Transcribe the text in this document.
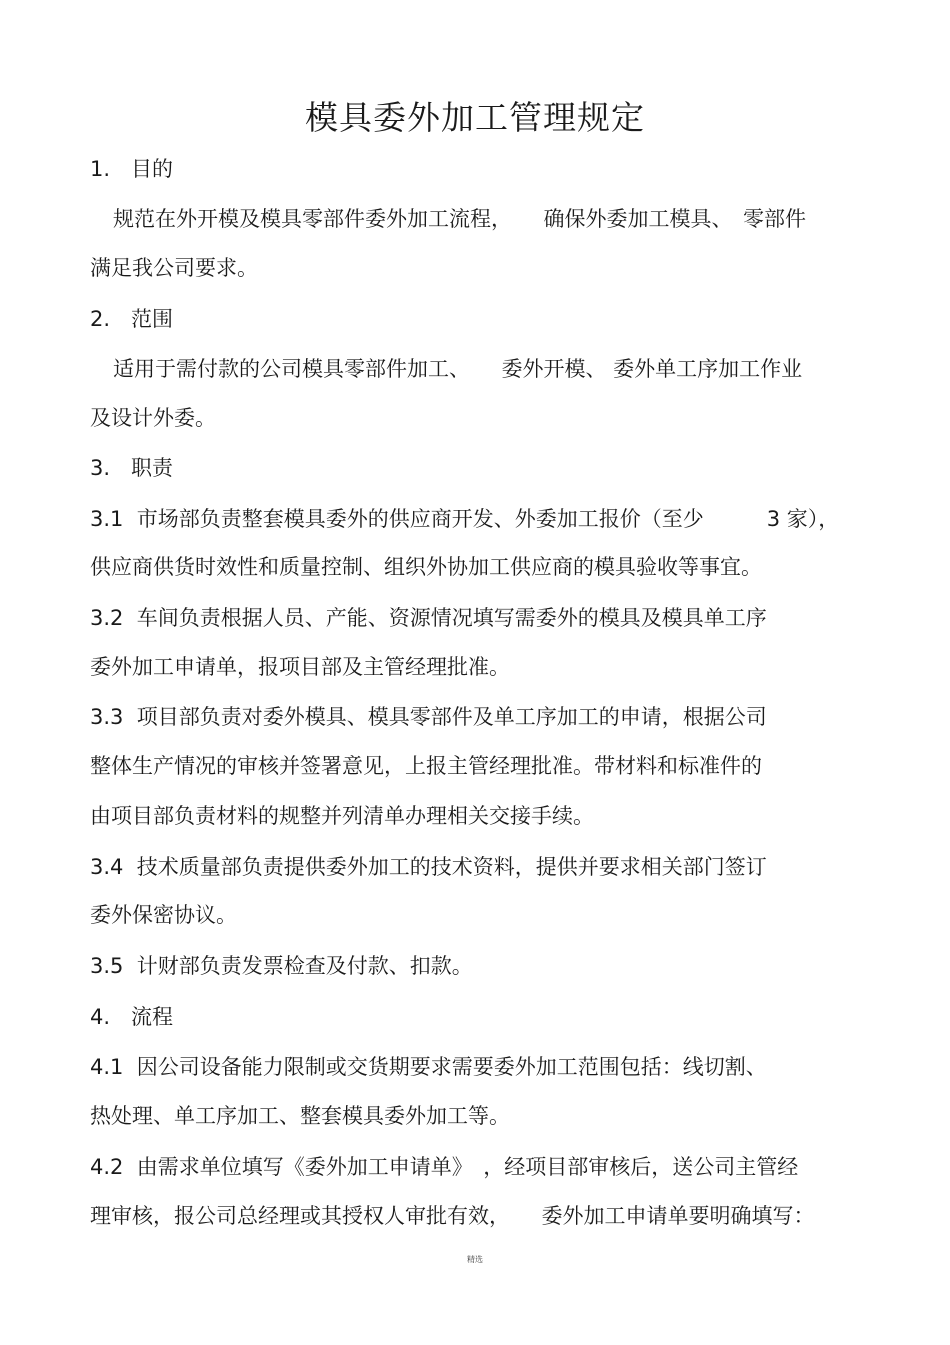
模具委外加工管理规定
1.　目的
　规范在外开模及模具零部件委外加工流程，　　确保外委加工模具、　零部件
满足我公司要求。
2.　范围
　适用于需付款的公司模具零部件加工、　　委外开模、 委外单工序加工作业
及设计外委。
3.　职责
3.1  市场部负责整套模具委外的供应商开发、外委加工报价（至少　　　3 家），
供应商供货时效性和质量控制、组织外协加工供应商的模具验收等事宜。
3.2  车间负责根据人员、产能、资源情况填写需委外的模具及模具单工序
委外加工申请单，报项目部及主管经理批准。
3.3  项目部负责对委外模具、模具零部件及单工序加工的申请，根据公司
整体生产情况的审核并签署意见，上报主管经理批准。带材料和标准件的
由项目部负责材料的规整并列清单办理相关交接手续。
3.4  技术质量部负责提供委外加工的技术资料，提供并要求相关部门签订
委外保密协议。
3.5  计财部负责发票检查及付款、扣款。
4.　流程
4.1  因公司设备能力限制或交货期要求需要委外加工范围包括：线切割、
热处理、单工序加工、整套模具委外加工等。
4.2  由需求单位填写《委外加工申请单》　，经项目部审核后，送公司主管经
理审核，报公司总经理或其授权人审批有效，　　委外加工申请单要明确填写：
精选
